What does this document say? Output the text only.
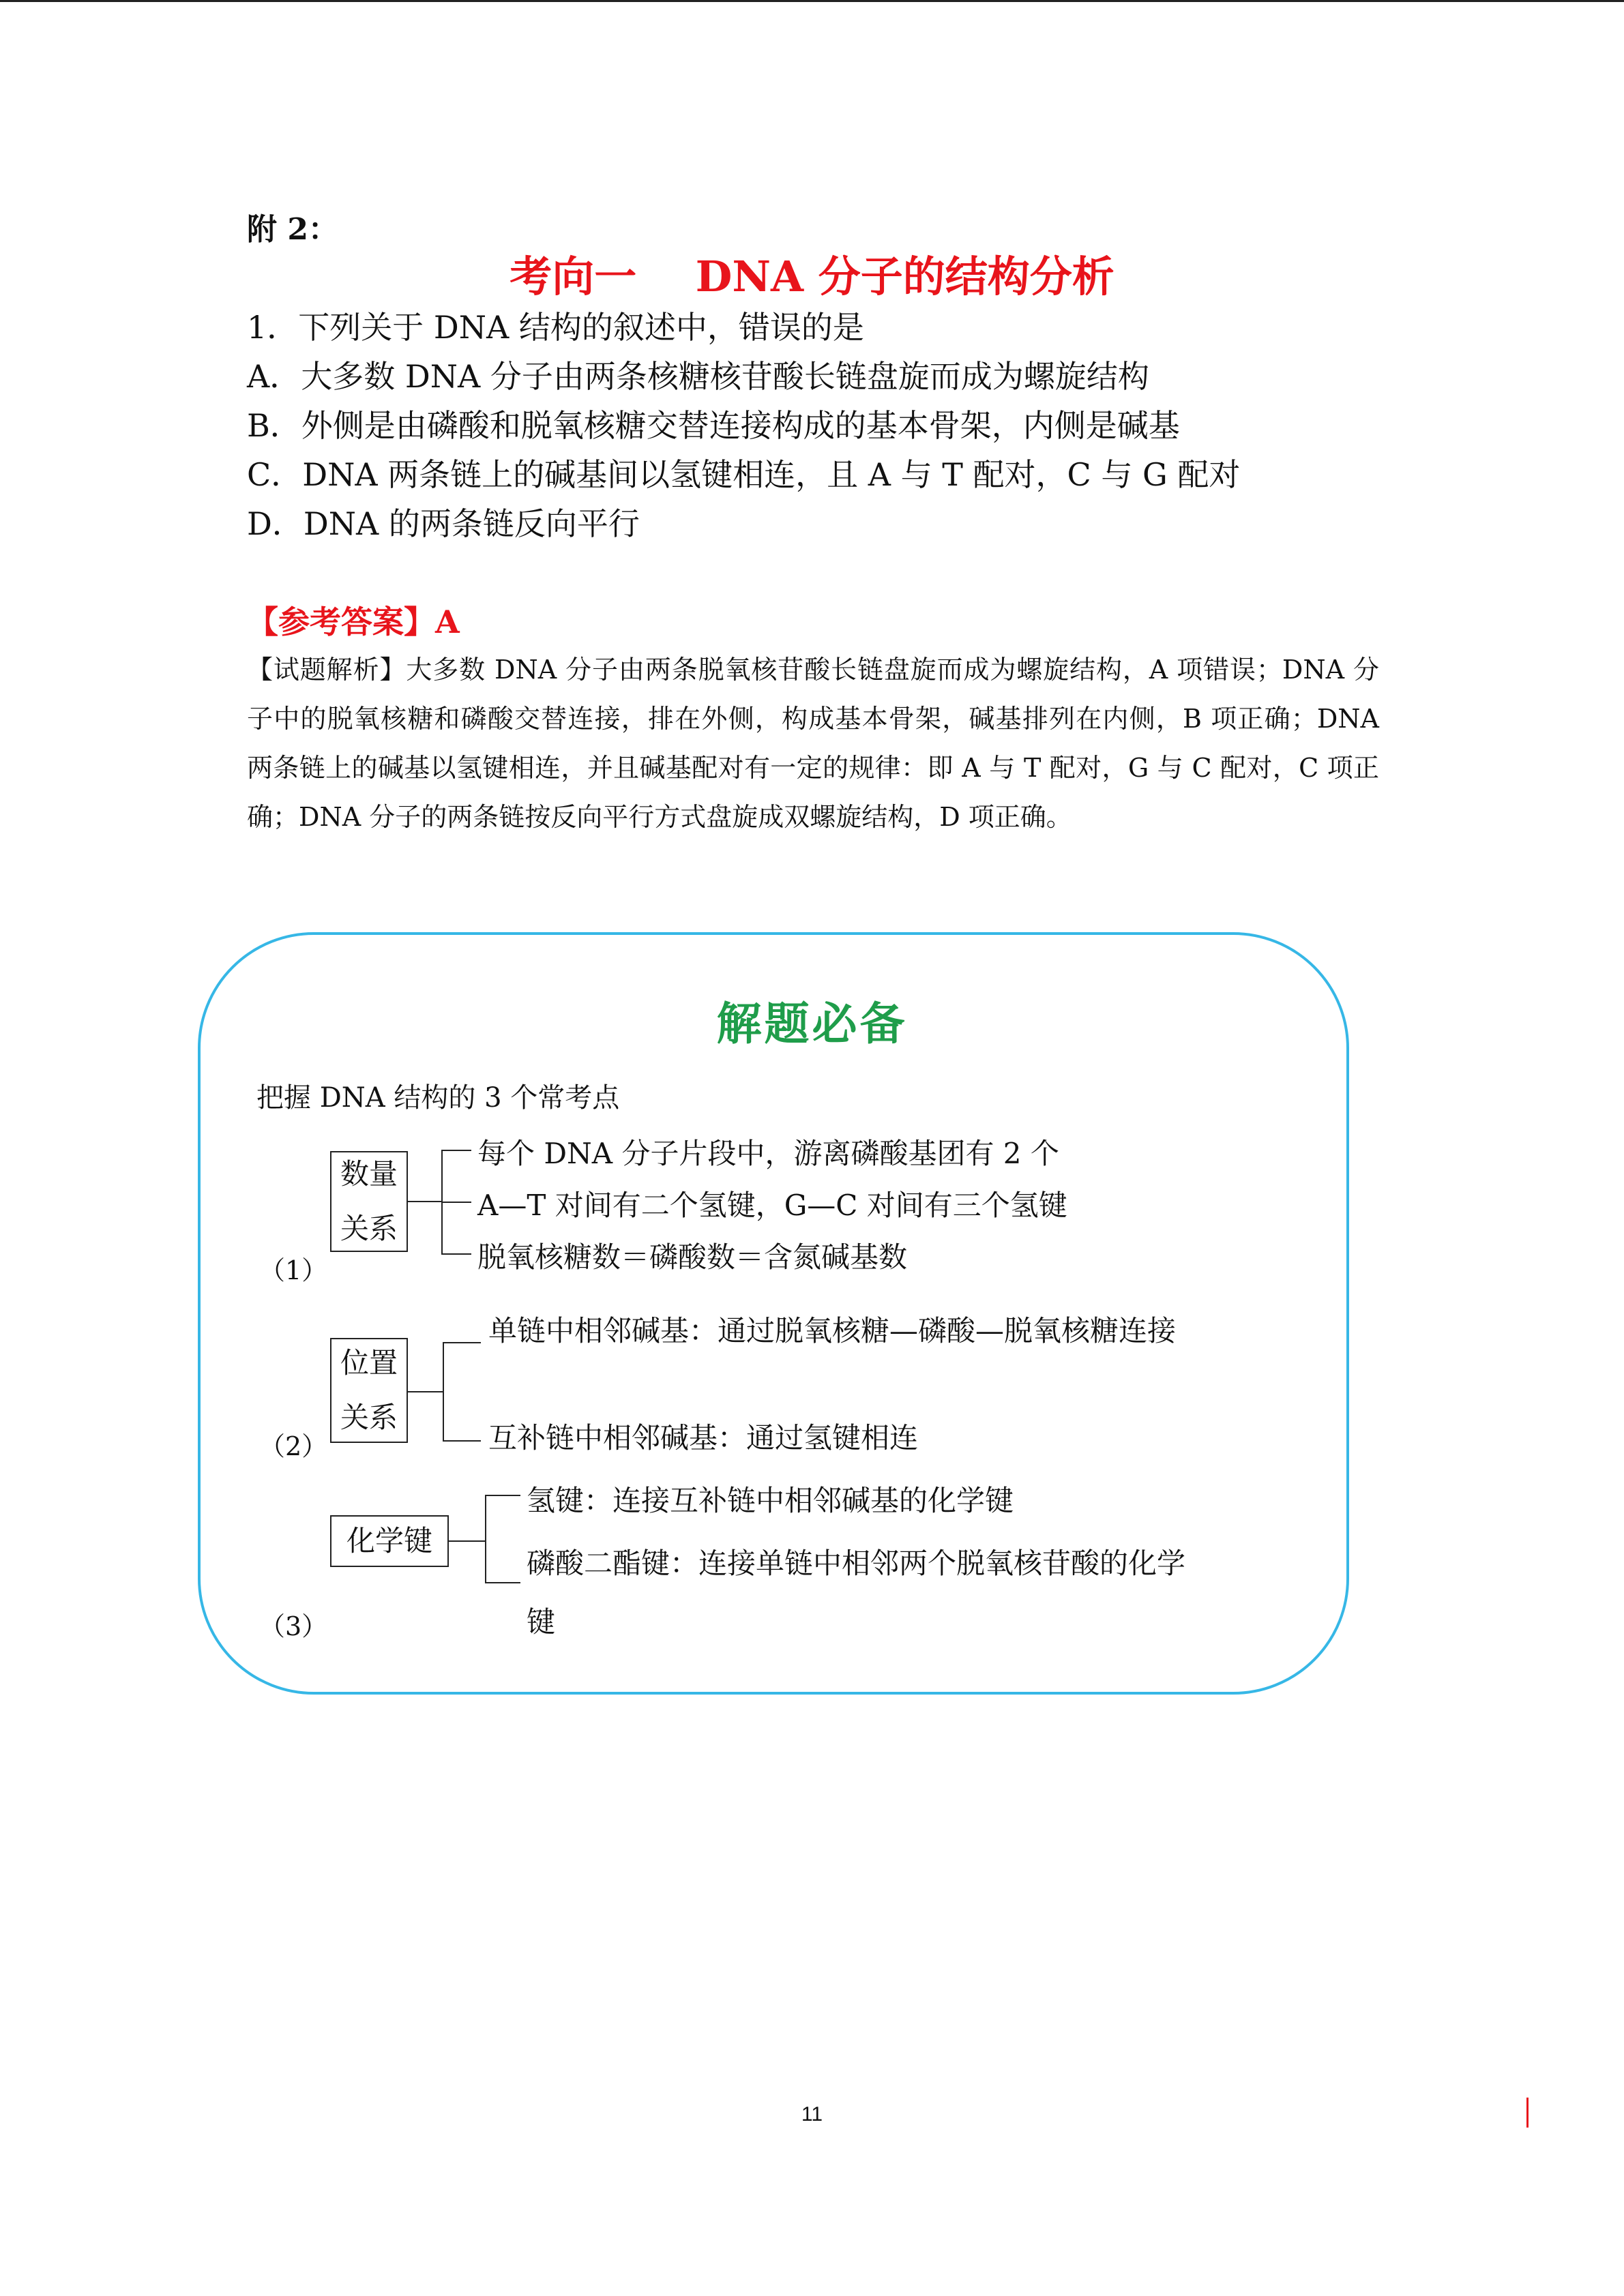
附 2：
考向一    DNA 分子的结构分析
1．下列关于 DNA 结构的叙述中，错误的是
A．大多数 DNA 分子由两条核糖核苷酸长链盘旋而成为螺旋结构
B．外侧是由磷酸和脱氧核糖交替连接构成的基本骨架，内侧是碱基
C．DNA 两条链上的碱基间以氢键相连，且 A 与 T 配对，C 与 G 配对
D．DNA 的两条链反向平行
【参考答案】A
【试题解析】大多数 DNA 分子由两条脱氧核苷酸长链盘旋而成为螺旋结构，A 项错误；DNA 分子中的脱氧核糖和磷酸交替连接，排在外侧，构成基本骨架，碱基排列在内侧，B 项正确；DNA 两条链上的碱基以氢键相连，并且碱基配对有一定的规律：即 A 与 T 配对，G 与 C 配对，C 项正确；DNA 分子的两条链按反向平行方式盘旋成双螺旋结构，D 项正确。
解题必备
把握 DNA 结构的 3 个常考点
（1）
数量
关系
每个 DNA 分子片段中，游离磷酸基团有 2 个
A—T 对间有二个氢键，G—C 对间有三个氢键
脱氧核糖数＝磷酸数＝含氮碱基数
（2）
位置
关系
单链中相邻碱基：通过脱氧核糖—磷酸—脱氧核糖连接
互补链中相邻碱基：通过氢键相连
（3）
化学键
氢键：连接互补链中相邻碱基的化学键
磷酸二酯键：连接单链中相邻两个脱氧核苷酸的化学键
11
